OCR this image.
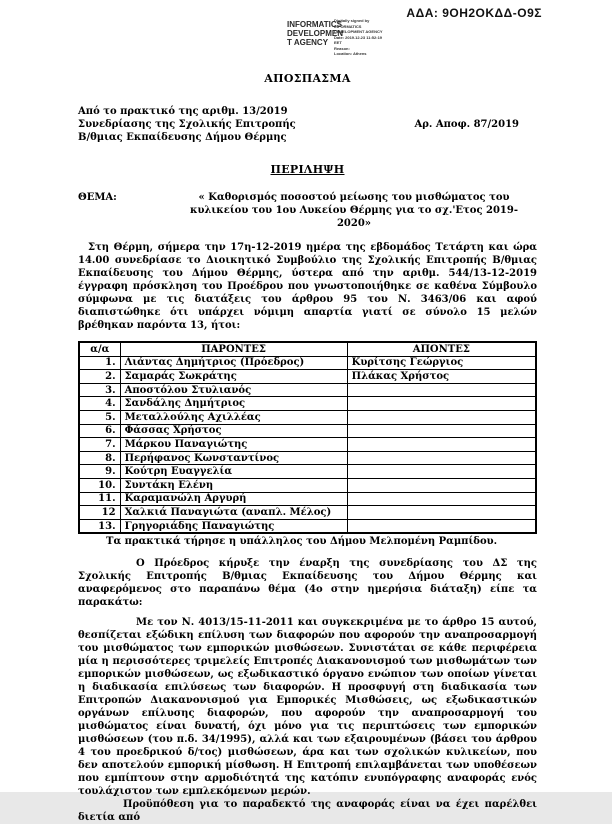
ΑΔΑ: 9ΟΗ2ΟΚΔΔ-Ο9Σ
INFORMATICS
DEVELOPMEN
T AGENCY
Digitally signed by
INFORMATICS
DEVELOPMENT AGENCY
Date: 2019.12.23 11:52:19
EET
Reason:
Location: Athens
ΑΠΟΣΠΑΣΜΑ
Από το πρακτικό της αριθμ. 13/2019
Συνεδρίασης της Σχολικής Επιτροπής
Β/θμιας Εκπαίδευσης Δήμου Θέρμης
Αρ. Αποφ. 87/2019
ΠΕΡΙΛΗΨΗ
ΘΕΜΑ:	« Καθορισμός ποσοστού μείωσης του μισθώματος του κυλικείου του 1ου Λυκείου Θέρμης για το σχ.'Ετος 2019-2020»

Στη Θέρμη, σήμερα την 17η-12-2019 ημέρα της εβδομάδος Τετάρτη και ώρα 14.00 συνεδρίασε το Διοικητικό Συμβούλιο της Σχολικής Επιτροπής Β/θμιας Εκπαίδευσης του Δήμου Θέρμης, ύστερα από την αριθμ. 544/13-12-2019 έγγραφη πρόσκληση του Προέδρου που γνωστοποιήθηκε σε καθένα Σύμβουλο σύμφωνα με τις διατάξεις του άρθρου 95 του Ν. 3463/06 και αφού διαπιστώθηκε ότι υπάρχει νόμιμη απαρτία γιατί σε σύνολο 15 μελών βρέθηκαν παρόντα 13, ήτοι:

α/α	ΠΑΡΟΝΤΕΣ	ΑΠΟΝΤΕΣ
1.	Λιάντας Δημήτριος (Πρόεδρος)	Κυρίτσης Γεώργιος
2.	Σαμαράς Σωκράτης	Πλάκας Χρήστος
3.	Αποστόλου Στυλιανός	
4.	Σανδάλης Δημήτριος	
5.	Μεταλλούλης Αχιλλέας	
6.	Φάσσας Χρήστος	
7.	Μάρκου Παναγιώτης	
8.	Περήφανος Κωνσταντίνος	
9.	Κούτρη Ευαγγελία	
10.	Συντάκη Ελένη	
11.	Καραμανώλη Αργυρή	
12	Χαλκιά Παναγιώτα (αναπλ. Μέλος)	
13.	Γρηγοριάδης Παναγιώτης	
Τα πρακτικά τήρησε η υπάλληλος του Δήμου Μελπομένη Ραμπίδου.

Ο Πρόεδρος κήρυξε την έναρξη της συνεδρίασης του ΔΣ της Σχολικής Επιτροπής Β/θμιας Εκπαίδευσης του Δήμου Θέρμης και αναφερόμενος στο παραπάνω θέμα (4ο στην ημερήσια διάταξη) είπε τα παρακάτω:

Με τον Ν. 4013/15-11-2011 και συγκεκριμένα με το άρθρο 15 αυτού, θεσπίζεται εξώδικη επίλυση των διαφορών που αφορούν την αναπροσαρμογή του μισθώματος των εμπορικών μισθώσεων. Συνιστάται σε κάθε περιφέρεια μία η περισσότερες τριμελείς Επιτροπές Διακανονισμού των μισθωμάτων των εμπορικών μισθώσεων, ως εξωδικαστικό όργανο ενώπιον των οποίων γίνεται η διαδικασία επιλύσεως των διαφορών. Η προσφυγή στη διαδικασία των Επιτροπών Διακανονισμού για Εμπορικές Μισθώσεις, ως εξωδικαστικών οργάνων επίλυσης διαφορών, που αφορούν την αναπροσαρμογή του μισθώματος είναι δυνατή, όχι μόνο για τις περιπτώσεις των εμπορικών μισθώσεων (του π.δ. 34/1995), αλλά και των εξαιρουμένων (βάσει του άρθρου 4 του προεδρικού δ/τος) μισθώσεων, άρα και των σχολικών κυλικείων, που δεν αποτελούν εμπορική μίσθωση. Η Επιτροπή επιλαμβάνεται των υποθέσεων που εμπίπτουν στην αρμοδιότητά της κατόπιν ενυπόγραφης αναφοράς ενός τουλάχιστον των εμπλεκόμενων μερών.

Προϋπόθεση για το παραδεκτό της αναφοράς είναι να έχει παρέλθει διετία από
